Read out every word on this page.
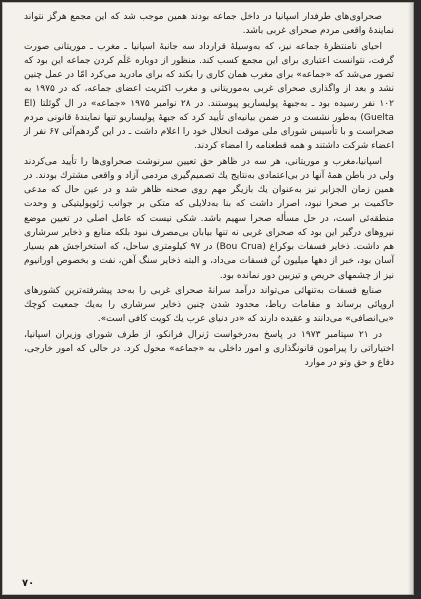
صحراوی‌های طرفدار اسپانیا در داخل جماعه بودند همین موجب شد که این مجمع هرگز نتواند نمایندهٔ واقعی مردم صحرای غربی باشد.

احیای نامنتظرهٔ جماعه نیز، که به‌وسیلهٔ قرارداد سه جانبهٔ اسپانیا ـ مغرب ـ موریتانی صورت گرفت، نتوانست اعتباری برای این مجمع کسب کند. منظور از دوباره عَلَم کردن جماعه این بود که تصور می‌شد که «جماعه» برای مغرب همان کاری را بکند که برای مادرید می‌کرد امّا در عمل چنین نشد و بعد از واگذاری صحرای غربی به‌موریتانی و مغرب اکثریت اعضای جماعه، که در ۱۹۷۵ به ۱۰۲ نفر رسیده بود ـ به‌جبههٔ پولیساریو پیوستند. در ۲۸ نوامبر ۱۹۷۵ «جماعه» در ال گوئلتا (El Guelta) به‌طور نشست و در ضمن بیانیه‌ای تأیید کرد که جبههٔ پولیساریو تنها نمایندهٔ قانونی مردم صحراست و با تأسیس شورای ملی موقت انحلال خود را اعلام داشت ـ در این گردهم‌آئی ۶۷ نفر از اعضاء شرکت داشتند و همه قطعنامه را امضاء کردند.

اسپانیا،مغرب و موریتانی، هر سه در ظاهر حق تعیین سرنوشت صحراوی‌ها را تأیید می‌کردند ولی در باطن همهٔ آنها در بی‌اعتمادی به‌نتایج یك تصمیم‌گیری مردمی آزاد و واقعی مشترك بودند. در همین زمان الجزایر نیز به‌عنوان یك بازیگر مهم روی صحنه ظاهر شد و در عین حال که مدعی حاکمیت بر صحرا نبود، اصرار داشت که بنا به‌دلایلی که متکی بر جوانب ژئوپولیتیکی و وحدت منطقه‌ئی است، در حل مسأله صحرا سهیم باشد. شکی نیست که عامل اصلی در تعیین موضع نیروهای درگیر این بود که صحرای غربی نه تنها بیابان بی‌مصرف نبود بلکه منابع و ذخایر سرشاری هم داشت. ذخایر فسفات بوکراع (Bou Crua) در ۹۷ کیلومتری ساحل، که استخراجش هم بسیار آسان بود، خبر از دهها میلیون تُن فسفات می‌داد، و البته ذخایر سنگ آهن، نفت و بخصوص اورانیوم نیز از چشمهای حریص و تیزبین دور نمانده بود.

صنایع فسفات به‌تنهائی می‌تواند درآمد سرانهٔ صحرای غربی را به‌حد پیشرفته‌ترین کشورهای اروپائی برساند و مقامات رباط، محدود شدن چنین ذخایر سرشاری را به‌یك جمعیت کوچك «بی‌انصافی» می‌دانند و عقیده دارند که «در دنیای عرب یك کویت کافی است».

در ۲۱ سپتامبر ۱۹۷۳ در پاسخ به‌درخواست ژنرال فرانکو، از طرف شورای وزیران اسپانیا، اختیاراتی را پیرامون قانونگذاری و امور داخلی به «جماعه» محول کرد. در حالی که امور خارجی، دفاع و حق وتو در موارد

۷۰
